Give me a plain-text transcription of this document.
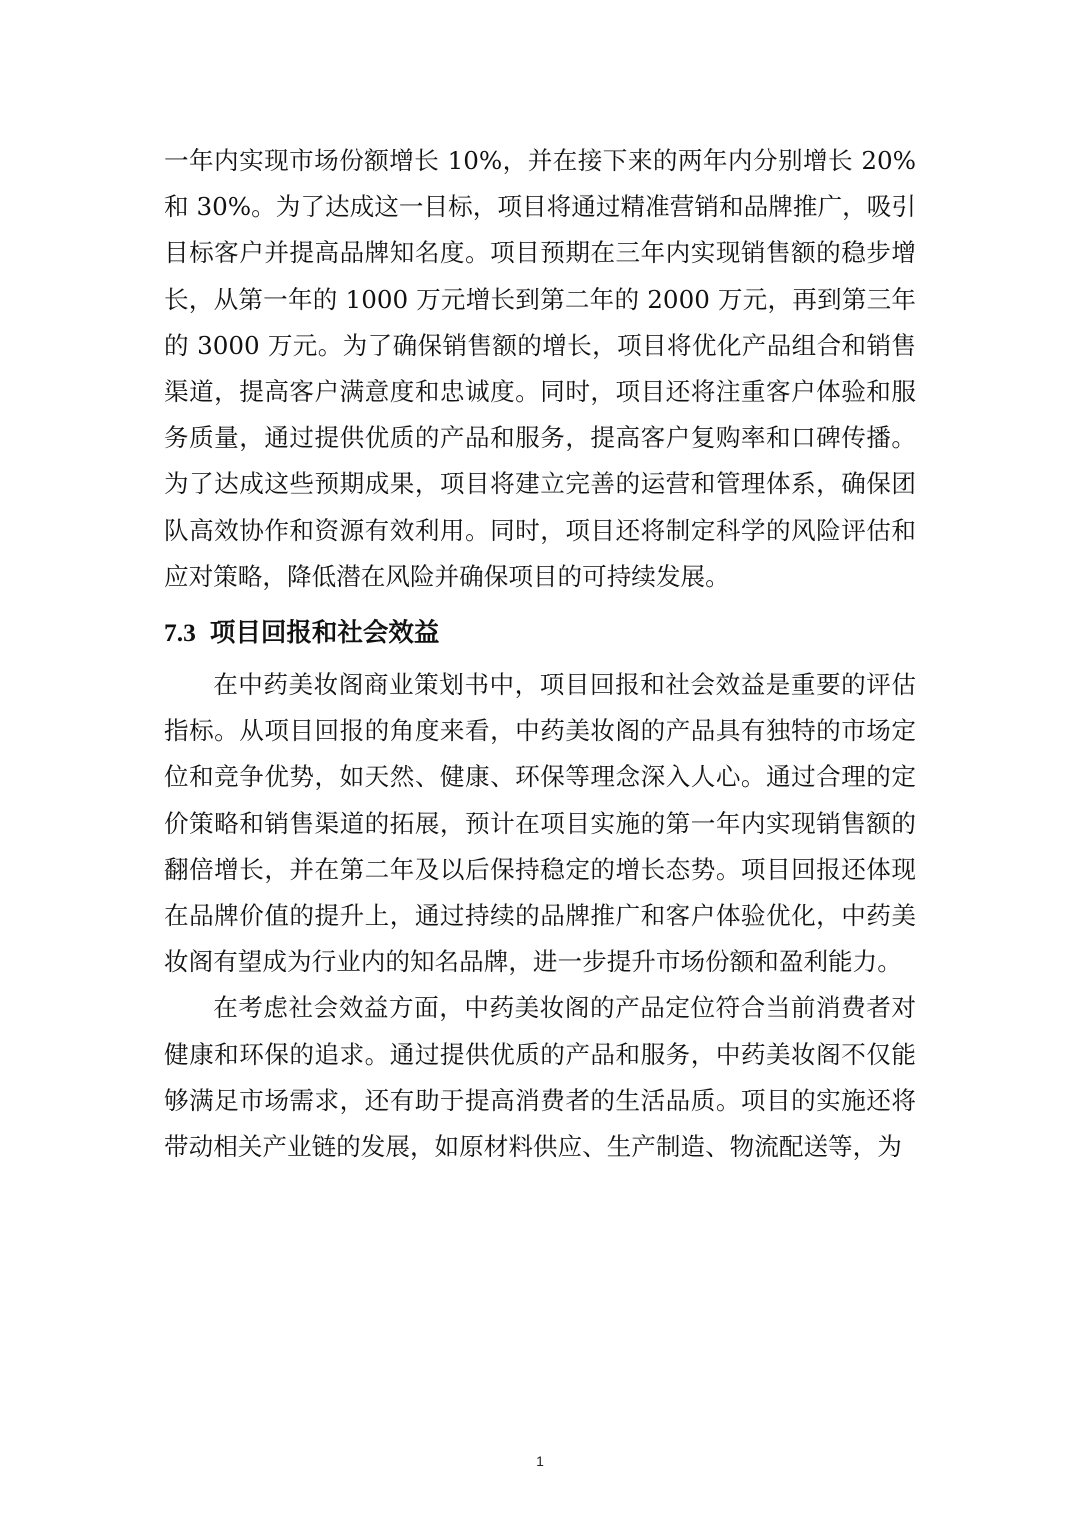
一年内实现市场份额增长 10%，并在接下来的两年内分别增长 20% 和 30%。为了达成这一目标，项目将通过精准营销和品牌推广，吸引目标客户并提高品牌知名度。项目预期在三年内实现销售额的稳步增长，从第一年的 1000 万元增长到第二年的 2000 万元，再到第三年的 3000 万元。为了确保销售额的增长，项目将优化产品组合和销售渠道，提高客户满意度和忠诚度。同时，项目还将注重客户体验和服务质量，通过提供优质的产品和服务，提高客户复购率和口碑传播。为了达成这些预期成果，项目将建立完善的运营和管理体系，确保团队高效协作和资源有效利用。同时，项目还将制定科学的风险评估和应对策略，降低潜在风险并确保项目的可持续发展。

7.3 项目回报和社会效益

在中药美妆阁商业策划书中，项目回报和社会效益是重要的评估指标。从项目回报的角度来看，中药美妆阁的产品具有独特的市场定位和竞争优势，如天然、健康、环保等理念深入人心。通过合理的定价策略和销售渠道的拓展，预计在项目实施的第一年内实现销售额的翻倍增长，并在第二年及以后保持稳定的增长态势。项目回报还体现在品牌价值的提升上，通过持续的品牌推广和客户体验优化，中药美妆阁有望成为行业内的知名品牌，进一步提升市场份额和盈利能力。

在考虑社会效益方面，中药美妆阁的产品定位符合当前消费者对健康和环保的追求。通过提供优质的产品和服务，中药美妆阁不仅能够满足市场需求，还有助于提高消费者的生活品质。项目的实施还将带动相关产业链的发展，如原材料供应、生产制造、物流配送等，为

1
